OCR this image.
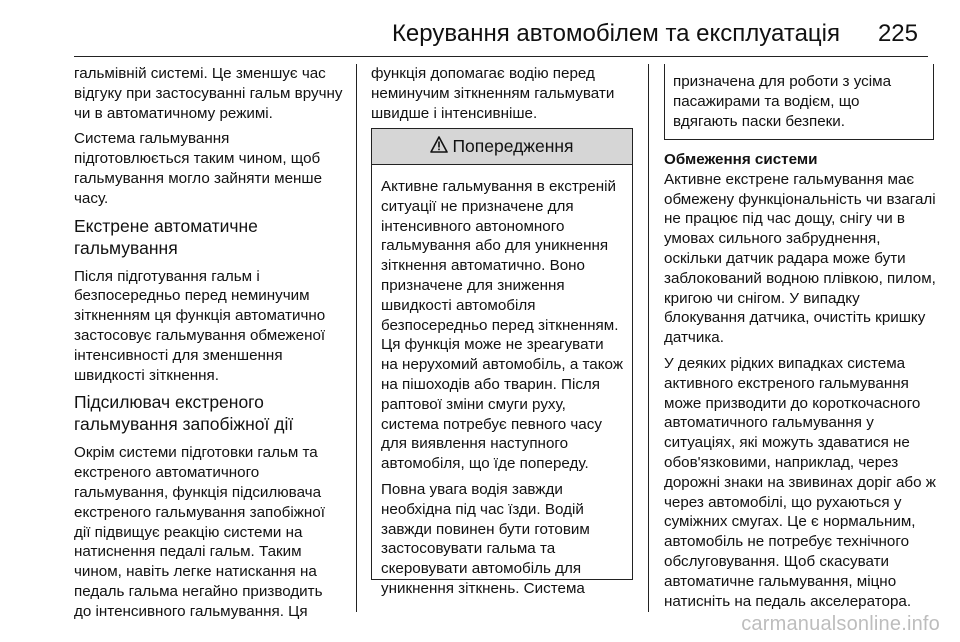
Керування автомобілем та експлуатація 225

гальмівній системі. Це зменшує час відгуку при застосуванні гальм вручну чи в автоматичному режимі.

Система гальмування підготовлюється таким чином, щоб гальмування могло зайняти менше часу.

Екстрене автоматичне гальмування

Після підготування гальм і безпосередньо перед неминучим зіткненням ця функція автоматично застосовує гальмування обмеженої інтенсивності для зменшення швидкості зіткнення.

Підсилювач екстреного гальмування запобіжної дії

Окрім системи підготовки гальм та екстреного автоматичного гальмування, функція підсилювача екстреного гальмування запобіжної дії підвищує реакцію системи на натиснення педалі гальм. Таким чином, навіть легке натискання на педаль гальма негайно призводить до інтенсивного гальмування. Ця

функція допомагає водію перед неминучим зіткненням гальмувати швидше і інтенсивніше.

Попередження

Активне гальмування в екстреній ситуації не призначене для інтенсивного автономного гальмування або для уникнення зіткнення автоматично. Воно призначене для зниження швидкості автомобіля безпосередньо перед зіткненням. Ця функція може не зреагувати на нерухомий автомобіль, а також на пішоходів або тварин. Після раптової зміни смуги руху, система потребує певного часу для виявлення наступного автомобіля, що їде попереду.

Повна увага водія завжди необхідна під час їзди. Водій завжди повинен бути готовим застосовувати гальма та скеровувати автомобіль для уникнення зіткнень. Система

призначена для роботи з усіма пасажирами та водієм, що вдягають паски безпеки.

Обмеження системи

Активне екстрене гальмування має обмежену функціональність чи взагалі не працює під час дощу, снігу чи в умовах сильного забруднення, оскільки датчик радара може бути заблокований водною плівкою, пилом, кригою чи снігом. У випадку блокування датчика, очистіть кришку датчика.

У деяких рідких випадках система активного екстреного гальмування може призводити до короткочасного автоматичного гальмування у ситуаціях, які можуть здаватися не обов'язковими, наприклад, через дорожні знаки на звивинах доріг або ж через автомобілі, що рухаються у суміжних смугах. Це є нормальним, автомобіль не потребує технічного обслуговування. Щоб скасувати автоматичне гальмування, міцно натисніть на педаль акселератора.

carmanualsonline.info
